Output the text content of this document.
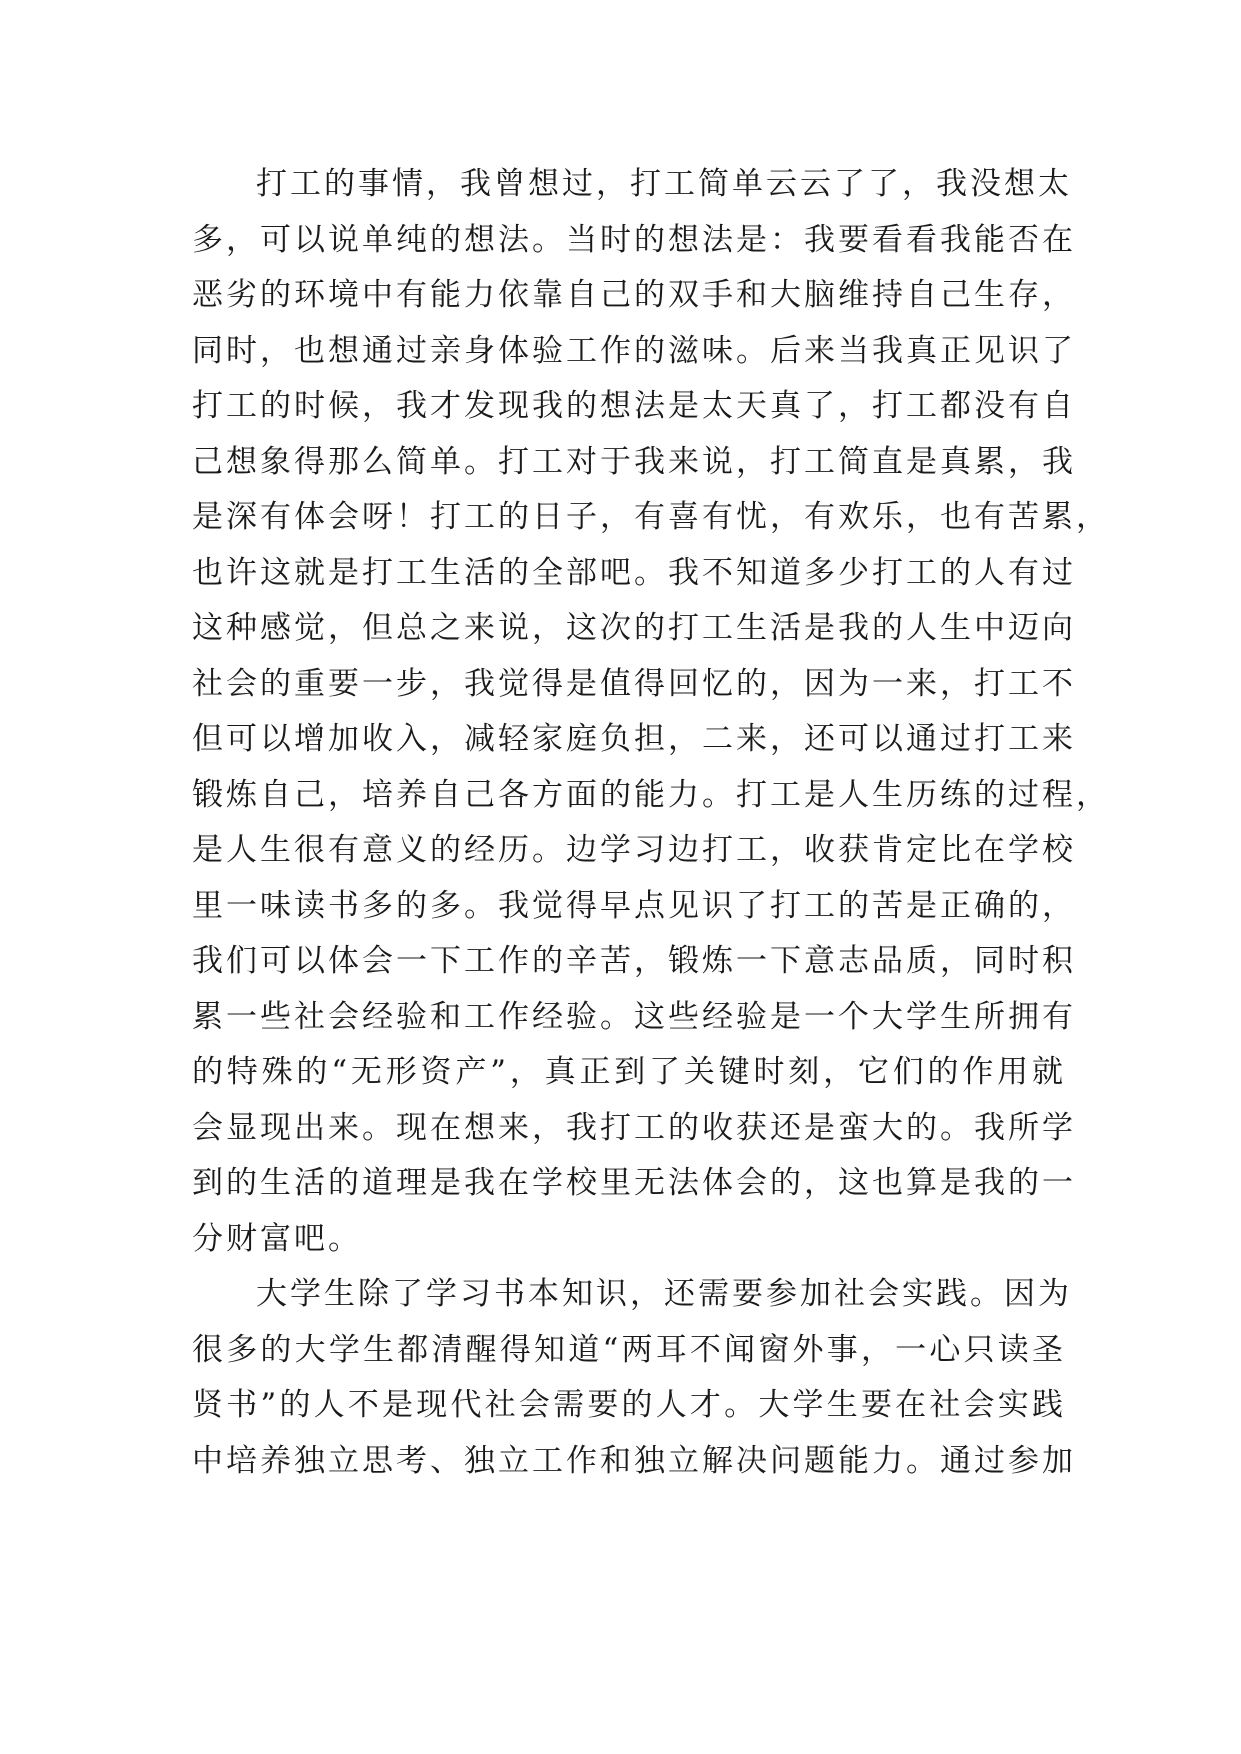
打工的事情，我曾想过，打工简单云云了了，我没想太
多，可以说单纯的想法。当时的想法是：我要看看我能否在
恶劣的环境中有能力依靠自己的双手和大脑维持自己生存，
同时，也想通过亲身体验工作的滋味。后来当我真正见识了
打工的时候，我才发现我的想法是太天真了，打工都没有自
己想象得那么简单。打工对于我来说，打工简直是真累，我
是深有体会呀！打工的日子，有喜有忧，有欢乐，也有苦累，
也许这就是打工生活的全部吧。我不知道多少打工的人有过
这种感觉，但总之来说，这次的打工生活是我的人生中迈向
社会的重要一步，我觉得是值得回忆的，因为一来，打工不
但可以增加收入，减轻家庭负担，二来，还可以通过打工来
锻炼自己，培养自己各方面的能力。打工是人生历练的过程，
是人生很有意义的经历。边学习边打工，收获肯定比在学校
里一味读书多的多。我觉得早点见识了打工的苦是正确的，
我们可以体会一下工作的辛苦，锻炼一下意志品质，同时积
累一些社会经验和工作经验。这些经验是一个大学生所拥有
的特殊的“无形资产”，真正到了关键时刻，它们的作用就
会显现出来。现在想来，我打工的收获还是蛮大的。我所学
到的生活的道理是我在学校里无法体会的，这也算是我的一
分财富吧。
大学生除了学习书本知识，还需要参加社会实践。因为
很多的大学生都清醒得知道“两耳不闻窗外事，一心只读圣
贤书”的人不是现代社会需要的人才。大学生要在社会实践
中培养独立思考、独立工作和独立解决问题能力。通过参加
